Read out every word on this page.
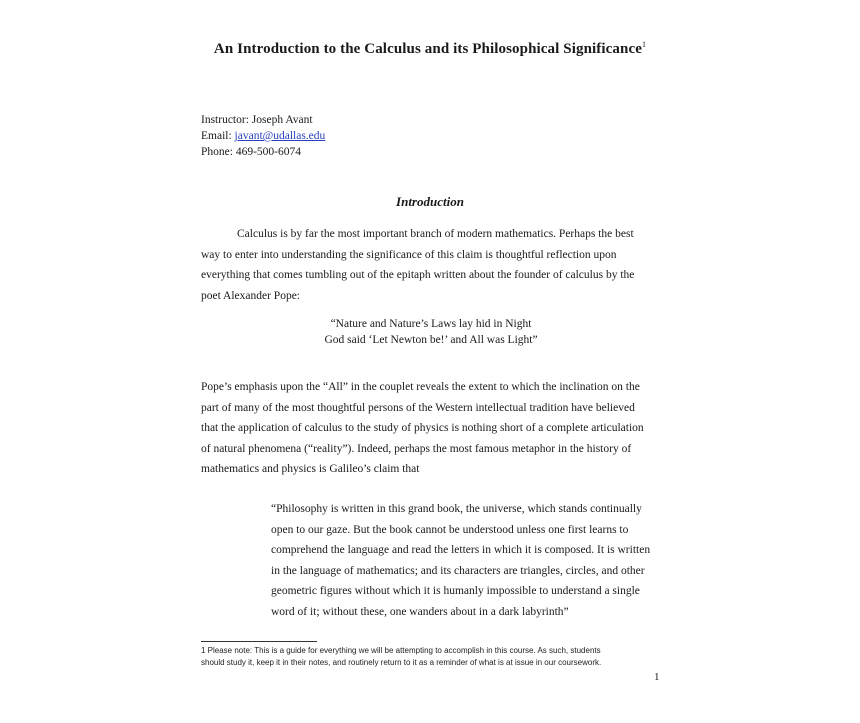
An Introduction to the Calculus and its Philosophical Significance$^1$
Instructor: Joseph Avant
Email: javant@udallas.edu
Phone: 469-500-6074
Introduction
Calculus is by far the most important branch of modern mathematics. Perhaps the best
way to enter into understanding the significance of this claim is thoughtful reflection upon
everything that comes tumbling out of the epitaph written about the founder of calculus by the
poet Alexander Pope:
“Nature and Nature’s Laws lay hid in Night
God said ‘Let Newton be!’ and All was Light”
Pope’s emphasis upon the “All” in the couplet reveals the extent to which the inclination on the
part of many of the most thoughtful persons of the Western intellectual tradition have believed
that the application of calculus to the study of physics is nothing short of a complete articulation
of natural phenomena (“reality”). Indeed, perhaps the most famous metaphor in the history of
mathematics and physics is Galileo’s claim that
“Philosophy is written in this grand book, the universe, which stands continually
open to our gaze. But the book cannot be understood unless one first learns to
comprehend the language and read the letters in which it is composed. It is written
in the language of mathematics; and its characters are triangles, circles, and other
geometric figures without which it is humanly impossible to understand a single
word of it; without these, one wanders about in a dark labyrinth”
1 Please note: This is a guide for everything we will be attempting to accomplish in this course. As such, students
should study it, keep it in their notes, and routinely return to it as a reminder of what is at issue in our coursework.
1
